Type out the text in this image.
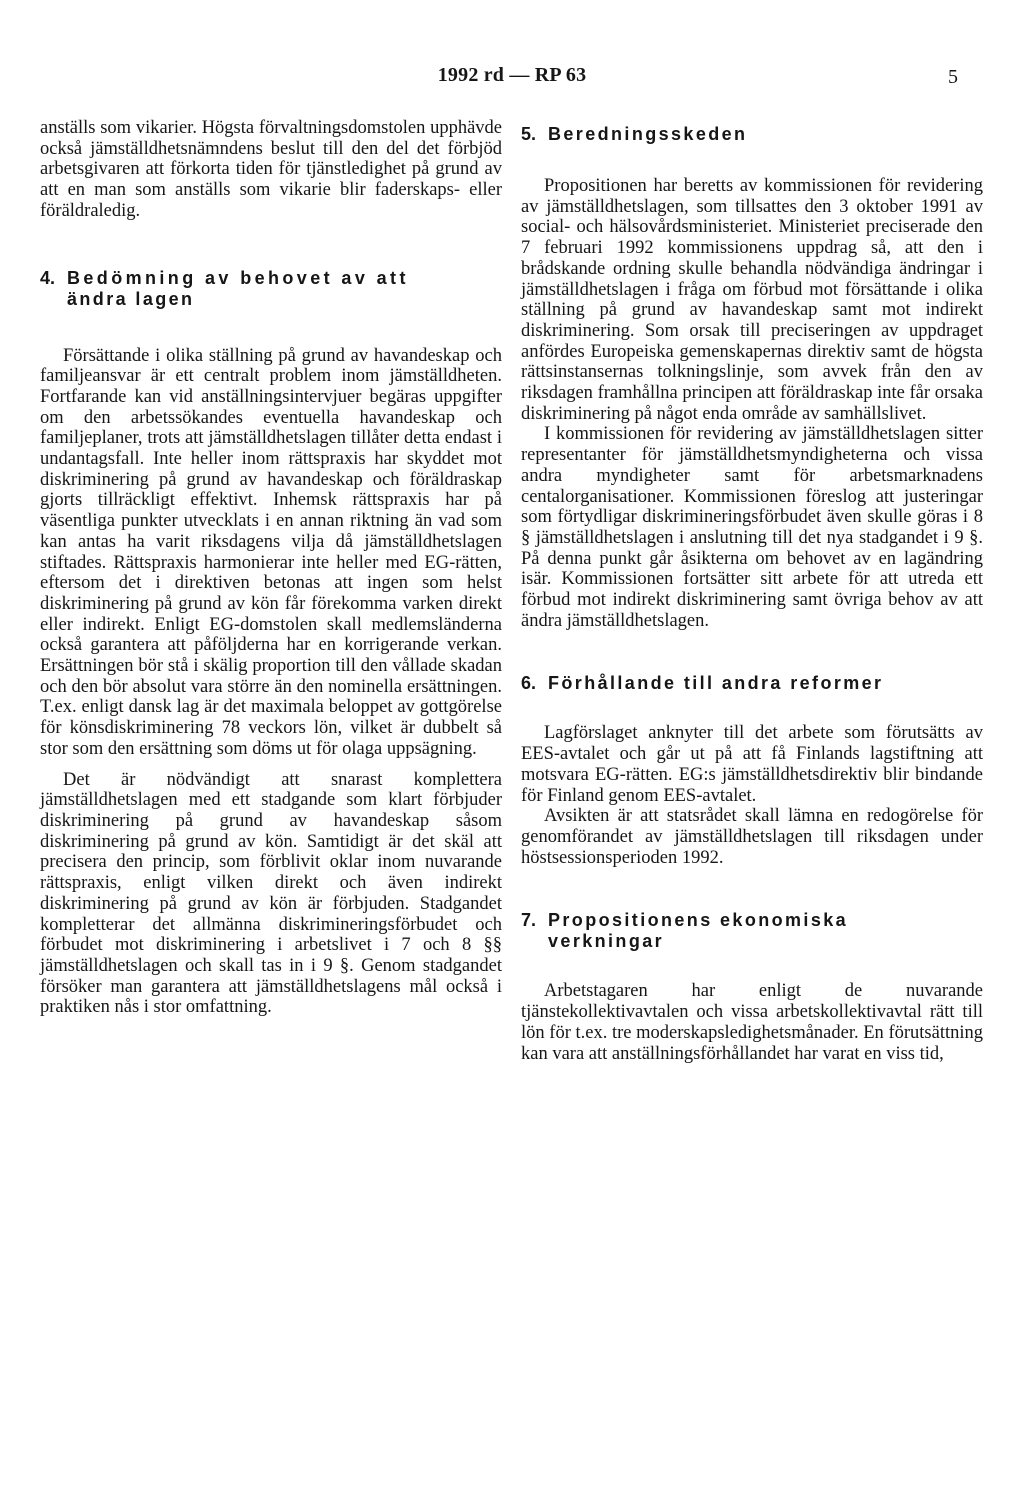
1992 rd — RP 63	5

anställs som vikarier. Högsta förvaltningsdomstolen upphävde också jämställdhetsnämndens beslut till den del det förbjöd arbetsgivaren att förkorta tiden för tjänstledighet på grund av att en man som anställs som vikarie blir faderskaps- eller föräldraledig.

4. Bedömning av behovet av att
ändra lagen

Försättande i olika ställning på grund av havandeskap och familjeansvar är ett centralt problem inom jämställdheten. Fortfarande kan vid anställningsintervjuer begäras uppgifter om den arbetssökandes eventuella havandeskap och familjeplaner, trots att jämställdhetslagen tillåter detta endast i undantagsfall. Inte heller inom rättspraxis har skyddet mot diskriminering på grund av havandeskap och föräldraskap gjorts tillräckligt effektivt. Inhemsk rättspraxis har på väsentliga punkter utvecklats i en annan riktning än vad som kan antas ha varit riksdagens vilja då jämställdhetslagen stiftades. Rättspraxis harmonierar inte heller med EG-rätten, eftersom det i direktiven betonas att ingen som helst diskriminering på grund av kön får förekomma varken direkt eller indirekt. Enligt EG-domstolen skall medlemsländerna också garantera att påföljderna har en korrigerande verkan. Ersättningen bör stå i skälig proportion till den vållade skadan och den bör absolut vara större än den nominella ersättningen. T.ex. enligt dansk lag är det maximala beloppet av gottgörelse för könsdiskriminering 78 veckors lön, vilket är dubbelt så stor som den ersättning som döms ut för olaga uppsägning.

Det är nödvändigt att snarast komplettera jämställdhetslagen med ett stadgande som klart förbjuder diskriminering på grund av havandeskap såsom diskriminering på grund av kön. Samtidigt är det skäl att precisera den princip, som förblivit oklar inom nuvarande rättspraxis, enligt vilken direkt och även indirekt diskriminering på grund av kön är förbjuden. Stadgandet kompletterar det allmänna diskrimineringsförbudet och förbudet mot diskriminering i arbetslivet i 7 och 8 §§ jämställdhetslagen och skall tas in i 9 §. Genom stadgandet försöker man garantera att jämställdhetslagens mål också i praktiken nås i stor omfattning.

5. Beredningsskeden

Propositionen har beretts av kommissionen för revidering av jämställdhetslagen, som tillsattes den 3 oktober 1991 av social- och hälsovårdsministeriet. Ministeriet preciserade den 7 februari 1992 kommissionens uppdrag så, att den i brådskande ordning skulle behandla nödvändiga ändringar i jämställdhetslagen i fråga om förbud mot försättande i olika ställning på grund av havandeskap samt mot indirekt diskriminering. Som orsak till preciseringen av uppdraget anfördes Europeiska gemenskapernas direktiv samt de högsta rättsinstansernas tolkningslinje, som avvek från den av riksdagen framhållna principen att föräldraskap inte får orsaka diskriminering på något enda område av samhällslivet.

I kommissionen för revidering av jämställdhetslagen sitter representanter för jämställdhetsmyndigheterna och vissa andra myndigheter samt för arbetsmarknadens centalorganisationer. Kommissionen föreslog att justeringar som förtydligar diskrimineringsförbudet även skulle göras i 8 § jämställdhetslagen i anslutning till det nya stadgandet i 9 §. På denna punkt går åsikterna om behovet av en lagändring isär. Kommissionen fortsätter sitt arbete för att utreda ett förbud mot indirekt diskriminering samt övriga behov av att ändra jämställdhetslagen.

6. Förhållande till andra reformer

Lagförslaget anknyter till det arbete som förutsätts av EES-avtalet och går ut på att få Finlands lagstiftning att motsvara EG-rätten. EG:s jämställdhetsdirektiv blir bindande för Finland genom EES-avtalet.

Avsikten är att statsrådet skall lämna en redogörelse för genomförandet av jämställdhetslagen till riksdagen under höstsessionsperioden 1992.

7. Propositionens ekonomiska
verkningar

Arbetstagaren har enligt de nuvarande tjänstekollektivavtalen och vissa arbetskollektivavtal rätt till lön för t.ex. tre moderskapsledighetsmånader. En förutsättning kan vara att anställningsförhållandet har varat en viss tid,
